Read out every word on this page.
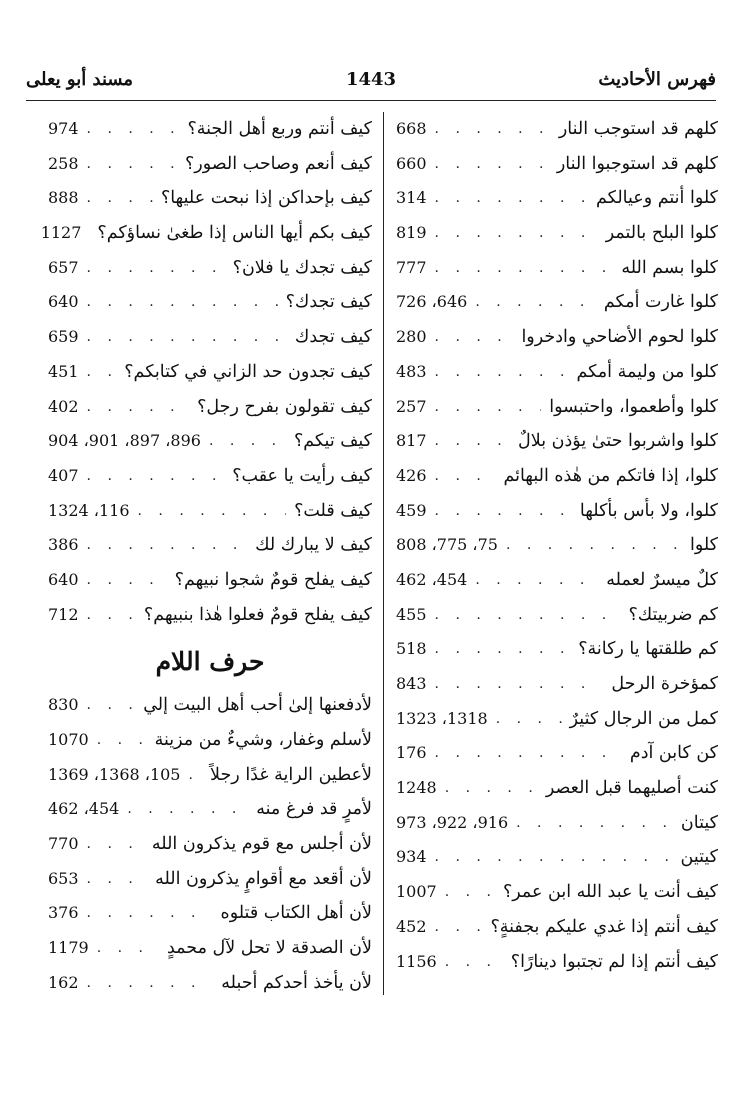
فهرس الأحاديث
1443
مسند أبو يعلى
كلهم قد استوجب النار
. . .
668
كلهم قد استوجبوا النار
. . .
660
كلوا أنتم وعيالكم
. . .
314
كلوا البلح بالتمر
. . .
819
كلوا بسم الله
. . .
777
كلوا غارت أمكم
. . .
646، 726
كلوا لحوم الأضاحي وادخروا
. . .
280
كلوا من وليمة أمكم
. . .
483
كلوا وأطعموا، واحتبسوا
. . .
257
كلوا واشربوا حتىٰ يؤذن بلالٌ
. . .
817
كلوا، إذا فاتكم من هٰذه البهائم
. . .
426
كلوا، ولا بأس بأكلها
. . .
459
كلوا
. . .
75، 775، 808
كلٌ ميسرٌ لعمله
. . .
454، 462
كم ضربيتك؟
. . .
455
كم طلقتها يا ركانة؟
. . .
518
كمؤخرة الرحل
. . .
843
كمل من الرجال كثيرٌ
. . .
1318، 1323
كن كابن آدم
. . .
176
كنت أصليهما قبل العصر
. . .
1248
كيتان
. . .
916، 922، 973
كيتين
. . .
934
كيف أنت يا عبد الله ابن عمر؟
. . .
1007
كيف أنتم إذا غدي عليكم بجفنةٍ؟
. . .
452
كيف أنتم إذا لم تجتبوا دينارًا؟
. . .
1156
كيف أنتم وربع أهل الجنة؟
. . .
974
كيف أنعم وصاحب الصور؟
. . .
258
كيف بإحداكن إذا نبحت عليها؟
. . .
888
كيف بكم أيها الناس إذا طغىٰ نساؤكم؟
1127
كيف تجدك يا فلان؟
. . .
657
كيف تجدك؟
. . .
640
كيف تجدك
. . .
659
كيف تجدون حد الزاني في كتابكم؟
. . .
451
كيف تقولون بفرح رجل؟
. . .
402
كيف تيكم؟
. . .
896، 897، 901، 904
كيف رأيت يا عقب؟
. . .
407
كيف قلت؟
. . .
116، 1324
كيف لا يبارك لك
. . .
386
كيف يفلح قومٌ شجوا نبيهم؟
. . .
640
كيف يفلح قومٌ فعلوا هٰذا بنبيهم؟
. . .
712
حرف اللام
لأدفعنها إلىٰ أحب أهل البيت إلي
. . .
830
لأسلم وغفار، وشيءٌ من مزينة
. . .
1070
لأعطين الراية غدًا رجلاً
. . .
105، 1368، 1369
لأمرٍ قد فرغ منه
. . .
454، 462
لأن أجلس مع قوم يذكرون الله
. . .
770
لأن أقعد مع أقوامٍ يذكرون الله
. . .
653
لأن أهل الكتاب قتلوه
. . .
376
لأن الصدقة لا تحل لآل محمدٍ
. . .
1179
لأن يأخذ أحدكم أحبله
. . .
162
